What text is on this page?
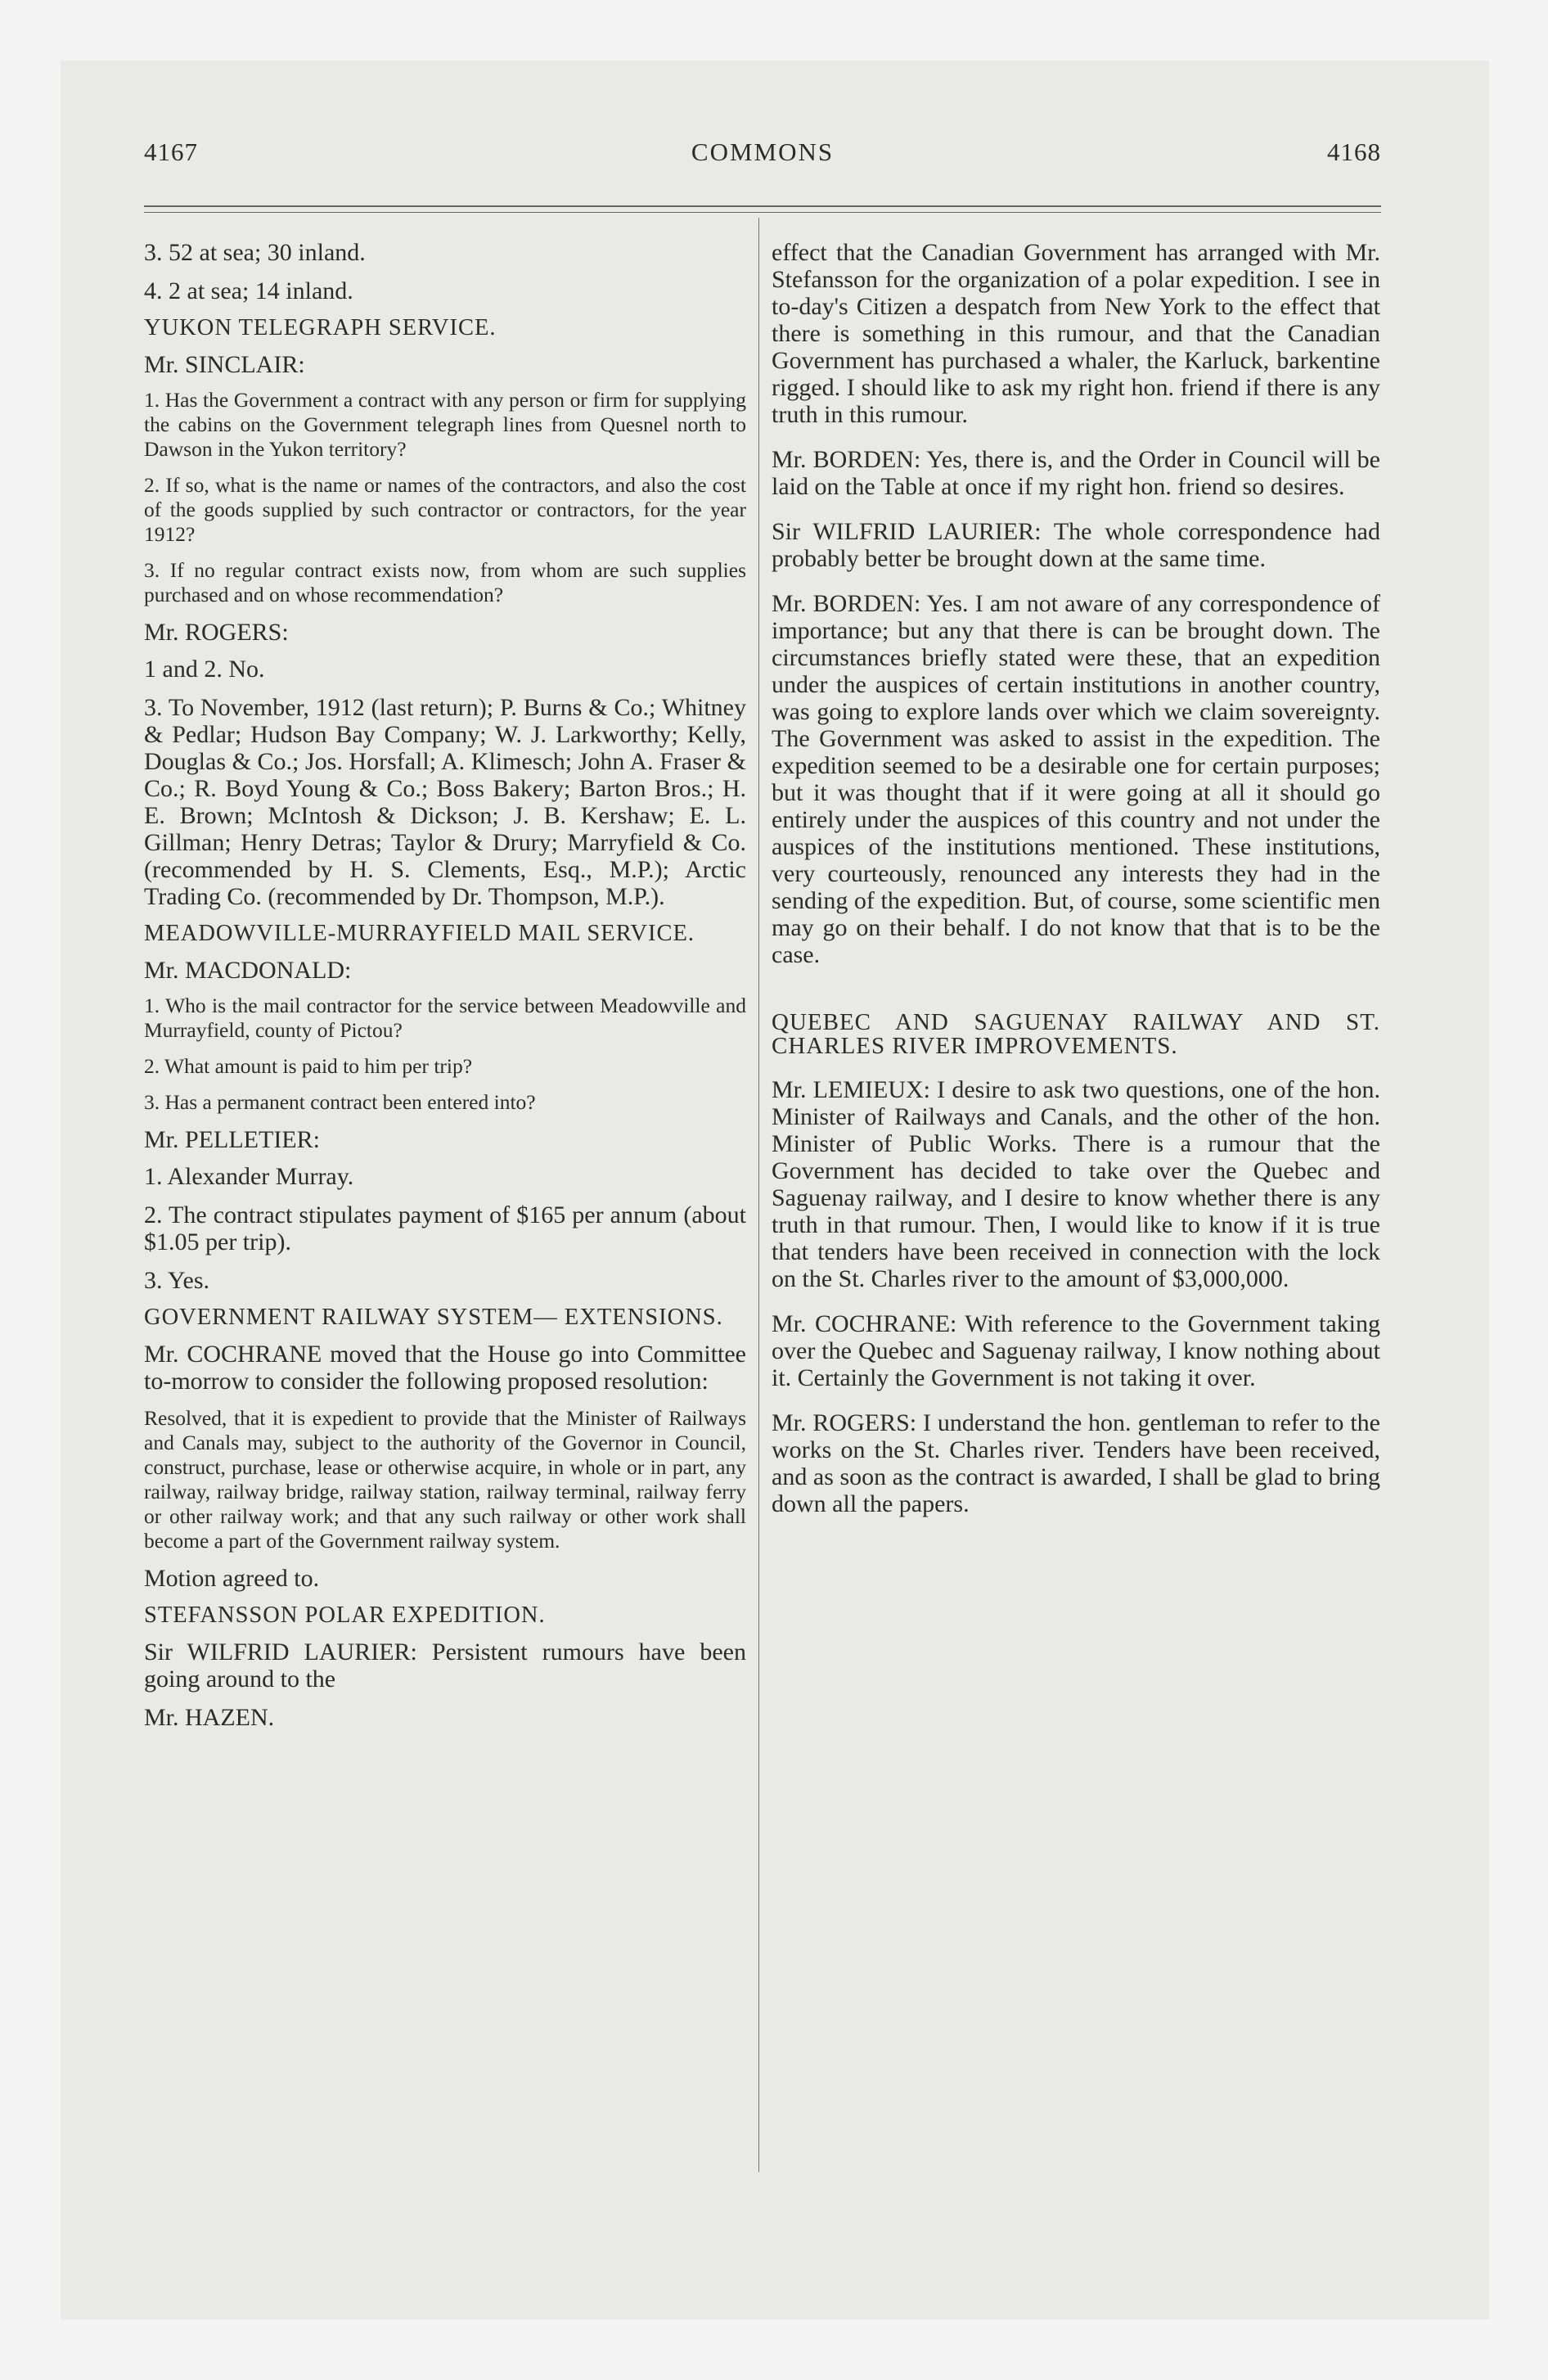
4167	COMMONS	4168

3. 52 at sea; 30 inland.

4. 2 at sea; 14 inland.

YUKON TELEGRAPH SERVICE.

Mr. SINCLAIR:

1. Has the Government a contract with any person or firm for supplying the cabins on the Government telegraph lines from Quesnel north to Dawson in the Yukon territory?

2. If so, what is the name or names of the contractors, and also the cost of the goods supplied by such contractor or contractors, for the year 1912?

3. If no regular contract exists now, from whom are such supplies purchased and on whose recommendation?

Mr. ROGERS:

1 and 2. No.

3. To November, 1912 (last return); P. Burns & Co.; Whitney & Pedlar; Hudson Bay Company; W. J. Larkworthy; Kelly, Douglas & Co.; Jos. Horsfall; A. Klimesch; John A. Fraser & Co.; R. Boyd Young & Co.; Boss Bakery; Barton Bros.; H. E. Brown; McIntosh & Dickson; J. B. Kershaw; E. L. Gillman; Henry Detras; Taylor & Drury; Marryfield & Co. (recommended by H. S. Clements, Esq., M.P.); Arctic Trading Co. (recommended by Dr. Thompson, M.P.).

MEADOWVILLE-MURRAYFIELD MAIL SERVICE.

Mr. MACDONALD:

1. Who is the mail contractor for the service between Meadowville and Murrayfield, county of Pictou?

2. What amount is paid to him per trip?

3. Has a permanent contract been entered into?

Mr. PELLETIER:

1. Alexander Murray.

2. The contract stipulates payment of $165 per annum (about $1.05 per trip).

3. Yes.

GOVERNMENT RAILWAY SYSTEM— EXTENSIONS.

Mr. COCHRANE moved that the House go into Committee to-morrow to consider the following proposed resolution:

Resolved, that it is expedient to provide that the Minister of Railways and Canals may, subject to the authority of the Governor in Council, construct, purchase, lease or otherwise acquire, in whole or in part, any railway, railway bridge, railway station, railway terminal, railway ferry or other railway work; and that any such railway or other work shall become a part of the Government railway system.

Motion agreed to.

STEFANSSON POLAR EXPEDITION.

Sir WILFRID LAURIER: Persistent rumours have been going around to the

Mr. HAZEN.

effect that the Canadian Government has arranged with Mr. Stefansson for the organization of a polar expedition. I see in to-day's Citizen a despatch from New York to the effect that there is something in this rumour, and that the Canadian Government has purchased a whaler, the Karluck, barkentine rigged. I should like to ask my right hon. friend if there is any truth in this rumour.

Mr. BORDEN: Yes, there is, and the Order in Council will be laid on the Table at once if my right hon. friend so desires.

Sir WILFRID LAURIER: The whole correspondence had probably better be brought down at the same time.

Mr. BORDEN: Yes. I am not aware of any correspondence of importance; but any that there is can be brought down. The circumstances briefly stated were these, that an expedition under the auspices of certain institutions in another country, was going to explore lands over which we claim sovereignty. The Government was asked to assist in the expedition. The expedition seemed to be a desirable one for certain purposes; but it was thought that if it were going at all it should go entirely under the auspices of this country and not under the auspices of the institutions mentioned. These institutions, very courteously, renounced any interests they had in the sending of the expedition. But, of course, some scientific men may go on their behalf. I do not know that that is to be the case.

QUEBEC AND SAGUENAY RAILWAY AND ST. CHARLES RIVER IMPROVEMENTS.

Mr. LEMIEUX: I desire to ask two questions, one of the hon. Minister of Railways and Canals, and the other of the hon. Minister of Public Works. There is a rumour that the Government has decided to take over the Quebec and Saguenay railway, and I desire to know whether there is any truth in that rumour. Then, I would like to know if it is true that tenders have been received in connection with the lock on the St. Charles river to the amount of $3,000,000.

Mr. COCHRANE: With reference to the Government taking over the Quebec and Saguenay railway, I know nothing about it. Certainly the Government is not taking it over.

Mr. ROGERS: I understand the hon. gentleman to refer to the works on the St. Charles river. Tenders have been received, and as soon as the contract is awarded, I shall be glad to bring down all the papers.
